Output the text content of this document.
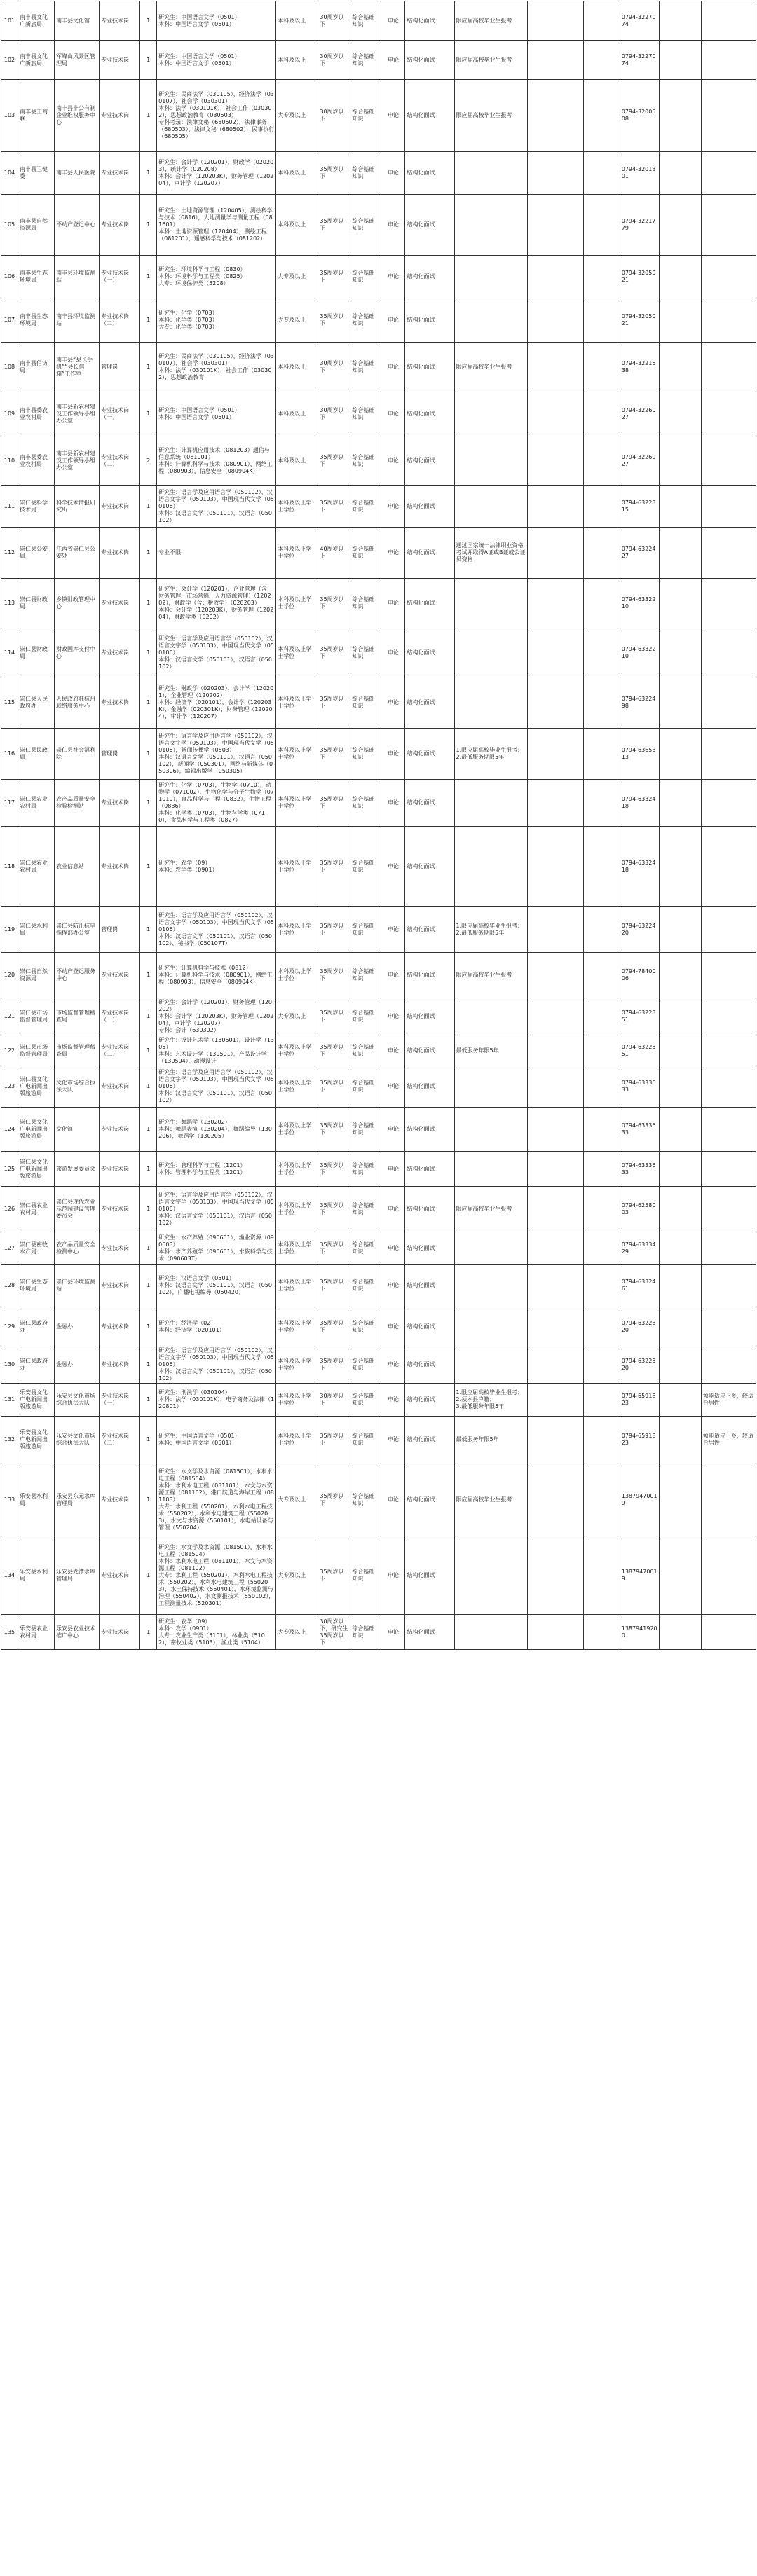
101	南丰县文化广新旅局	南丰县文化馆	专业技术岗	1	研究生：中国语言文学（0501）
本科：中国语言文学（0501）	本科及以上	30周岁以下	综合基础知识	申论	结构化面试	限应届高校毕业生报考			0794-3227074		
102	南丰县文化广新旅局	军峰山风景区管理局	专业技术岗	1	研究生：中国语言文学（0501）
本科：中国语言文学（0501）	本科及以上	30周岁以下	综合基础知识	申论	结构化面试	限应届高校毕业生报考			0794-3227074		
103	南丰县工商联	南丰县非公有制企业维权服务中心	专业技术岗	1	研究生：民商法学（030105），经济法学（030107），社会学（030301）
本科：法学（030101K），社会工作（030302），思想政治教育（030503）
专科考录：法律文秘（680502），法律事务（680503），法律文秘（680502），民事执行（680505）	大专及以上	30周岁以下	综合基础知识	申论	结构化面试	限应届高校毕业生报考			0794-3200508		
104	南丰县卫健委	南丰县人民医院	专业技术岗	1	研究生：会计学（120201），财政学（020203），统计学（020208）
本科：会计学（120203K），财务管理（120204），审计学（120207）	本科及以上	35周岁以下	综合基础知识	申论	结构化面试				0794-3201301		
105	南丰县自然资源局	不动产登记中心	专业技术岗	1	研究生：土地资源管理（120405），测绘科学与技术（0816），大地测量学与测量工程（081601）
本科：土地资源管理（120404），测绘工程（081201），遥感科学与技术（081202）	本科及以上	35周岁以下	综合基础知识	申论	结构化面试				0794-3221779		
106	南丰县生态环境局	南丰县环境监测站	专业技术岗（一）	1	研究生：环境科学与工程（0830）
本科：环境科学与工程类（0825）
大专：环境保护类（5208）	大专及以上	35周岁以下	综合基础知识	申论	结构化面试				0794-3205021		
107	南丰县生态环境局	南丰县环境监测站	专业技术岗（二）	1	研究生：化学（0703）
本科：化学类（0703）
大专：化学类（0703）	大专及以上	35周岁以下	综合基础知识	申论	结构化面试				0794-3205021		
108	南丰县信访局	南丰县“县长手机”“县长信箱”工作室	管理岗	1	研究生：民商法学（030105），经济法学（030107），社会学（030301）
本科：法学（030101K），社会工作（030302），思想政治教育	本科及以上	30周岁以下	综合基础知识	申论	结构化面试	限应届高校毕业生报考			0794-3221538		
109	南丰县委农业农村局	南丰县新农村建设工作领导小组办公室	专业技术岗（一）	1	研究生：中国语言文学（0501）
本科：中国语言文学（0501）	本科及以上	30周岁以下	综合基础知识	申论	结构化面试				0794-3226027		
110	南丰县委农业农村局	南丰县新农村建设工作领导小组办公室	专业技术岗（二）	2	研究生：计算机应用技术（081203）通信与信息系统（081001）
本科：计算机科学与技术（080901），网络工程（080903），信息安全（080904K）	本科及以上	35周岁以下	综合基础知识	申论	结构化面试				0794-3226027		
111	崇仁县科学技术局	科学技术情报研究所	专业技术岗	1	研究生：语言学及应用语言学（050102），汉语言文字学（050103），中国现当代文学（050106）
本科：汉语言文学（050101），汉语言（050102）	本科及以上学士学位	35周岁以下	综合基础知识	申论	结构化面试				0794-6322315		
112	崇仁县公安局	江西省崇仁县公安处	专业技术岗	1	专业不限	本科及以上学士学位	40周岁以下	综合基础知识	申论	结构化面试	通过国家统一法律职业资格考试并取得A证或B证或公证员资格			0794-6322427		
113	崇仁县财政局	乡镇财政管理中心	专业技术岗	1	研究生：会计学（120201），企业管理（含：财务管理、市场营销、人力资源管理）（120202），财政学（含：税收学）（020203）
本科：会计学（120203K），财务管理（120204），财政学类（0202）	本科及以上学士学位	35周岁以下	综合基础知识	申论	结构化面试				0794-6332210		
114	崇仁县财政局	财政国库支付中心	专业技术岗	1	研究生：语言学及应用语言学（050102），汉语言文字学（050103），中国现当代文学（050106）
本科：汉语言文学（050101），汉语言（050102）	本科及以上学士学位	35周岁以下	综合基础知识	申论	结构化面试				0794-6332210		
115	崇仁县人民政府办	人民政府驻杭州联络服务中心	专业技术岗	1	研究生：财政学（020203），会计学（120201），企业管理（120202）
本科：经济学（020101），会计学（120203K），金融学（020301K），财务管理（120204），审计学（120207）	本科及以上学士学位	35周岁以下	综合基础知识	申论	结构化面试				0794-6322498		
116	崇仁县民政局	崇仁县社会福利院	管理岗	1	研究生：语言学及应用语言学（050102），汉语言文字学（050103），中国现当代文学（050106），新闻传播学（0503）
本科：汉语言文学（050101），汉语言（050102），新闻学（050301），网络与新媒体（050306），编辑出版学（050305）	本科及以上学士学位	35周岁以下	综合基础知识	申论	结构化面试	1.限应届高校毕业生报考；
2.最低服务期限5年			0794-6365313		
117	崇仁县农业农村局	农产品质量安全检验检测站	专业技术岗	1	研究生：化学（0703），生物学（0710），动物学（071002），生物化学与分子生物学（071010），食品科学与工程（0832），生物工程（0836）
本科：化学类（0703），生物科学类（0710），食品科学与工程类（0827）	本科及以上学士学位	35周岁以下	综合基础知识	申论	结构化面试				0794-6332418		
118	崇仁县农业农村局	农业信息站	专业技术岗	1	研究生：农学（09）
本科：农学类（0901）	本科及以上学士学位	35周岁以下	综合基础知识	申论	结构化面试				0794-6332418		
119	崇仁县水利局	崇仁县防汛抗旱指挥部办公室	管理岗	1	研究生：语言学及应用语言学（050102），汉语言文字学（050103），中国现当代文学（050106）
本科：汉语言文学（050101），汉语言（050102），秘书学（050107T）	本科及以上学士学位	35周岁以下	综合基础知识	申论	结构化面试	1.限应届高校毕业生报考；
2.最低服务期限5年			0794-6322420		
120	崇仁县自然资源局	不动产登记服务中心	专业技术岗	1	研究生：计算机科学与技术（0812）
本科：计算机科学与技术（080901），网络工程（080903），信息安全（080904K）	本科及以上学士学位	35周岁以下	综合基础知识	申论	结构化面试	限应届高校毕业生报考			0794-7840006		
121	崇仁县市场监督管理局	市场监督管理稽查局	专业技术岗（一）	1	研究生：会计学（120201），财务管理（120202）
本科：会计学（120203K），财务管理（120204），审计学（120207）
专科：会计（630302）	大专及以上	35周岁以下	综合基础知识	申论	结构化面试				0794-6322351		
122	崇仁县市场监督管理局	市场监督管理稽查局	专业技术岗（二）	1	研究生：设计艺术学（130501），设计学（1305）
本科：艺术设计学（130501），产品设计学（130504），动漫设计	本科及以上学士学位	35周岁以下	综合基础知识	申论	结构化面试	最低服务年限5年			0794-6322351		
123	崇仁县文化广电新闻出版旅游局	文化市场综合执法大队	专业技术岗	1	研究生：语言学及应用语言学（050102），汉语言文字学（050103），中国现当代文学（050106）
本科：汉语言文学（050101），汉语言（050102）	本科及以上学士学位	35周岁以下	综合基础知识	申论	结构化面试				0794-6333633		
124	崇仁县文化广电新闻出版旅游局	文化馆	专业技术岗	1	研究生：舞蹈学（130202）
本科：舞蹈表演（130204），舞蹈编导（130206），舞蹈学（130205）	本科及以上学士学位	35周岁以下	综合基础知识	申论	结构化面试				0794-6333633		
125	崇仁县文化广电新闻出版旅游局	旅游发展委员会	专业技术岗	1	研究生：管理科学与工程（1201）
本科：管理科学与工程类（1201）	本科及以上学士学位	35周岁以下	综合基础知识	申论	结构化面试				0794-6333633		
126	崇仁县农业农村局	崇仁县现代农业示范园建设管理委员会	专业技术岗	1	研究生：语言学及应用语言学（050102），汉语言文字学（050103），中国现当代文学（050106）
本科：汉语言文学（050101），汉语言（050102）	本科及以上学士学位	35周岁以下	综合基础知识	申论	结构化面试	限应届高校毕业生报考			0794-6258003		
127	崇仁县畜牧水产局	农产品质量安全检测中心	专业技术岗	1	研究生：水产养殖（090601），渔业资源（090603）
本科：水产养殖学（090601），水族科学与技术（090603T）	本科及以上学士学位	35周岁以下	综合基础知识	申论	结构化面试				0794-6333429		
128	崇仁县生态环境局	崇仁县环境监测站	专业技术岗	1	研究生：汉语言文学（0501）
本科：汉语言文学（050101），汉语言（050102），广播电视编导（050420）	本科及以上学士学位	35周岁以下	综合基础知识	申论	结构化面试				0794-6332461		
129	崇仁县政府办	金融办	专业技术岗	1	研究生：经济学（02）
本科：经济学（020101）	本科及以上学士学位	35周岁以下	综合基础知识	申论	结构化面试				0794-6322320		
130	崇仁县政府办	金融办	专业技术岗	1	研究生：语言学及应用语言学（050102），汉语言文字学（050103），中国现当代文学（050106）
本科：汉语言文学（050101），汉语言（050102）	本科及以上学士学位	35周岁以下	综合基础知识	申论	结构化面试				0794-6322320		
131	乐安县文化广电新闻出版旅游局	乐安县文化市场综合执法大队	专业技术岗（一）	1	研究生：刑法学（030104）
本科：法学（030101K），电子商务及法律（120801）	本科及以上学士学位	30周岁以下	综合基础知识	申论	结构化面试	1.限应届高校毕业生报考；
2.须本县户籍；
3.最低服务年限5年			0794-6591823		须能适应下乡，较适合男性
132	乐安县文化广电新闻出版旅游局	乐安县文化市场综合执法大队	专业技术岗（二）	1	研究生：中国语言文学（0501）
本科：中国语言文学（0501）	本科及以上学士学位	35周岁以下	综合基础知识	申论	结构化面试	最低服务年限5年			0794-6591823		须能适应下乡，较适合男性
133	乐安县水利局	乐安县东元水库管理局	专业技术岗	1	研究生：水文学及水资源（081501），水利水电工程（081504）
本科：水利水电工程（081101），水文与水资源工程（081102），港口航道与海岸工程（081103）
大专：水利工程（550201），水利水电工程技术（550202），水利水电建筑工程（550203），水文与水资源（550101），水电站设备与管理（550204）	大专及以上	35周岁以下	综合基础知识	申论	结构化面试	限应届高校毕业生报考			13879470019		
134	乐安县水利局	乐安县龙潭水库管理局	专业技术岗	1	研究生：水文学及水资源（081501），水利水电工程（081504）
本科：水利水电工程（081101），水文与水资源工程（081102）
大专：水利工程（550201），水利水电工程技术（550202），水利水电建筑工程（550203），水土保持技术（550401），水环境监测与治理（550402），水文测报技术（550102），工程测量技术（520301）	大专及以上	35周岁以下	综合基础知识	申论	结构化面试				13879470019		
135	乐安县农业农村局	乐安县农业技术推广中心	专业技术岗	1	研究生：农学（09）
本科：农学（0901）
大专：农业生产类（5101），林业类（5102），畜牧业类（5103），渔业类（5104）	大专及以上	30周岁以下，研究生35周岁以下	综合基础知识	申论	结构化面试				13879419200		
